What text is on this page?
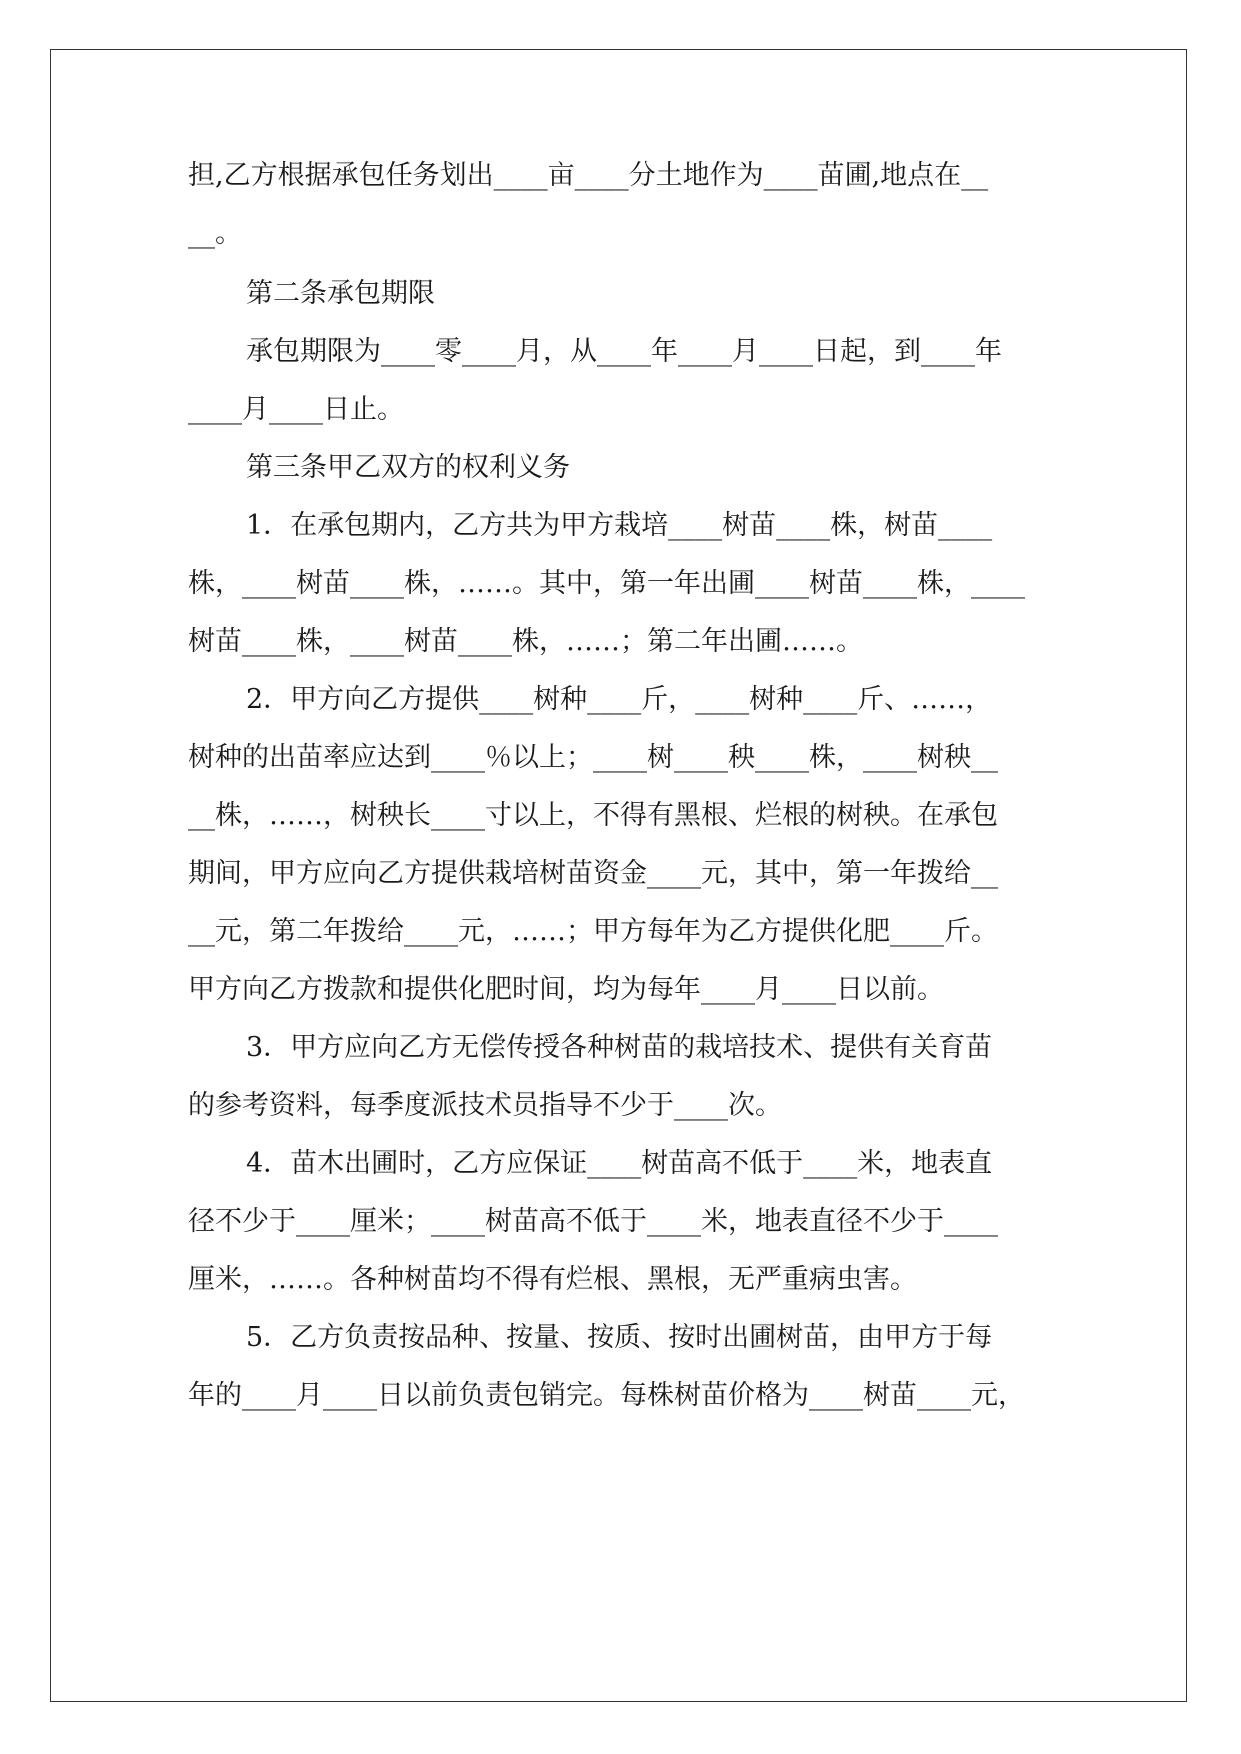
担,乙方根据承包任务划出____亩____分土地作为____苗圃,地点在__
__。
第二条承包期限
承包期限为____零____月，从____年____月____日起，到____年
____月____日止。
第三条甲乙双方的权利义务
1．在承包期内，乙方共为甲方栽培____树苗____株，树苗____
株，____树苗____株，……。其中，第一年出圃____树苗____株，____
树苗____株，____树苗____株，……；第二年出圃……。
2．甲方向乙方提供____树种____斤，____树种____斤、……，
树种的出苗率应达到____％以上；____树____秧____株，____树秧__
__株，……，树秧长____寸以上，不得有黑根、烂根的树秧。在承包
期间，甲方应向乙方提供栽培树苗资金____元，其中，第一年拨给__
__元，第二年拨给____元，……；甲方每年为乙方提供化肥____斤。
甲方向乙方拨款和提供化肥时间，均为每年____月____日以前。
3．甲方应向乙方无偿传授各种树苗的栽培技术、提供有关育苗
的参考资料，每季度派技术员指导不少于____次。
4．苗木出圃时，乙方应保证____树苗高不低于____米，地表直
径不少于____厘米；____树苗高不低于____米，地表直径不少于____
厘米，……。各种树苗均不得有烂根、黑根，无严重病虫害。
5．乙方负责按品种、按量、按质、按时出圃树苗，由甲方于每
年的____月____日以前负责包销完。每株树苗价格为____树苗____元，
